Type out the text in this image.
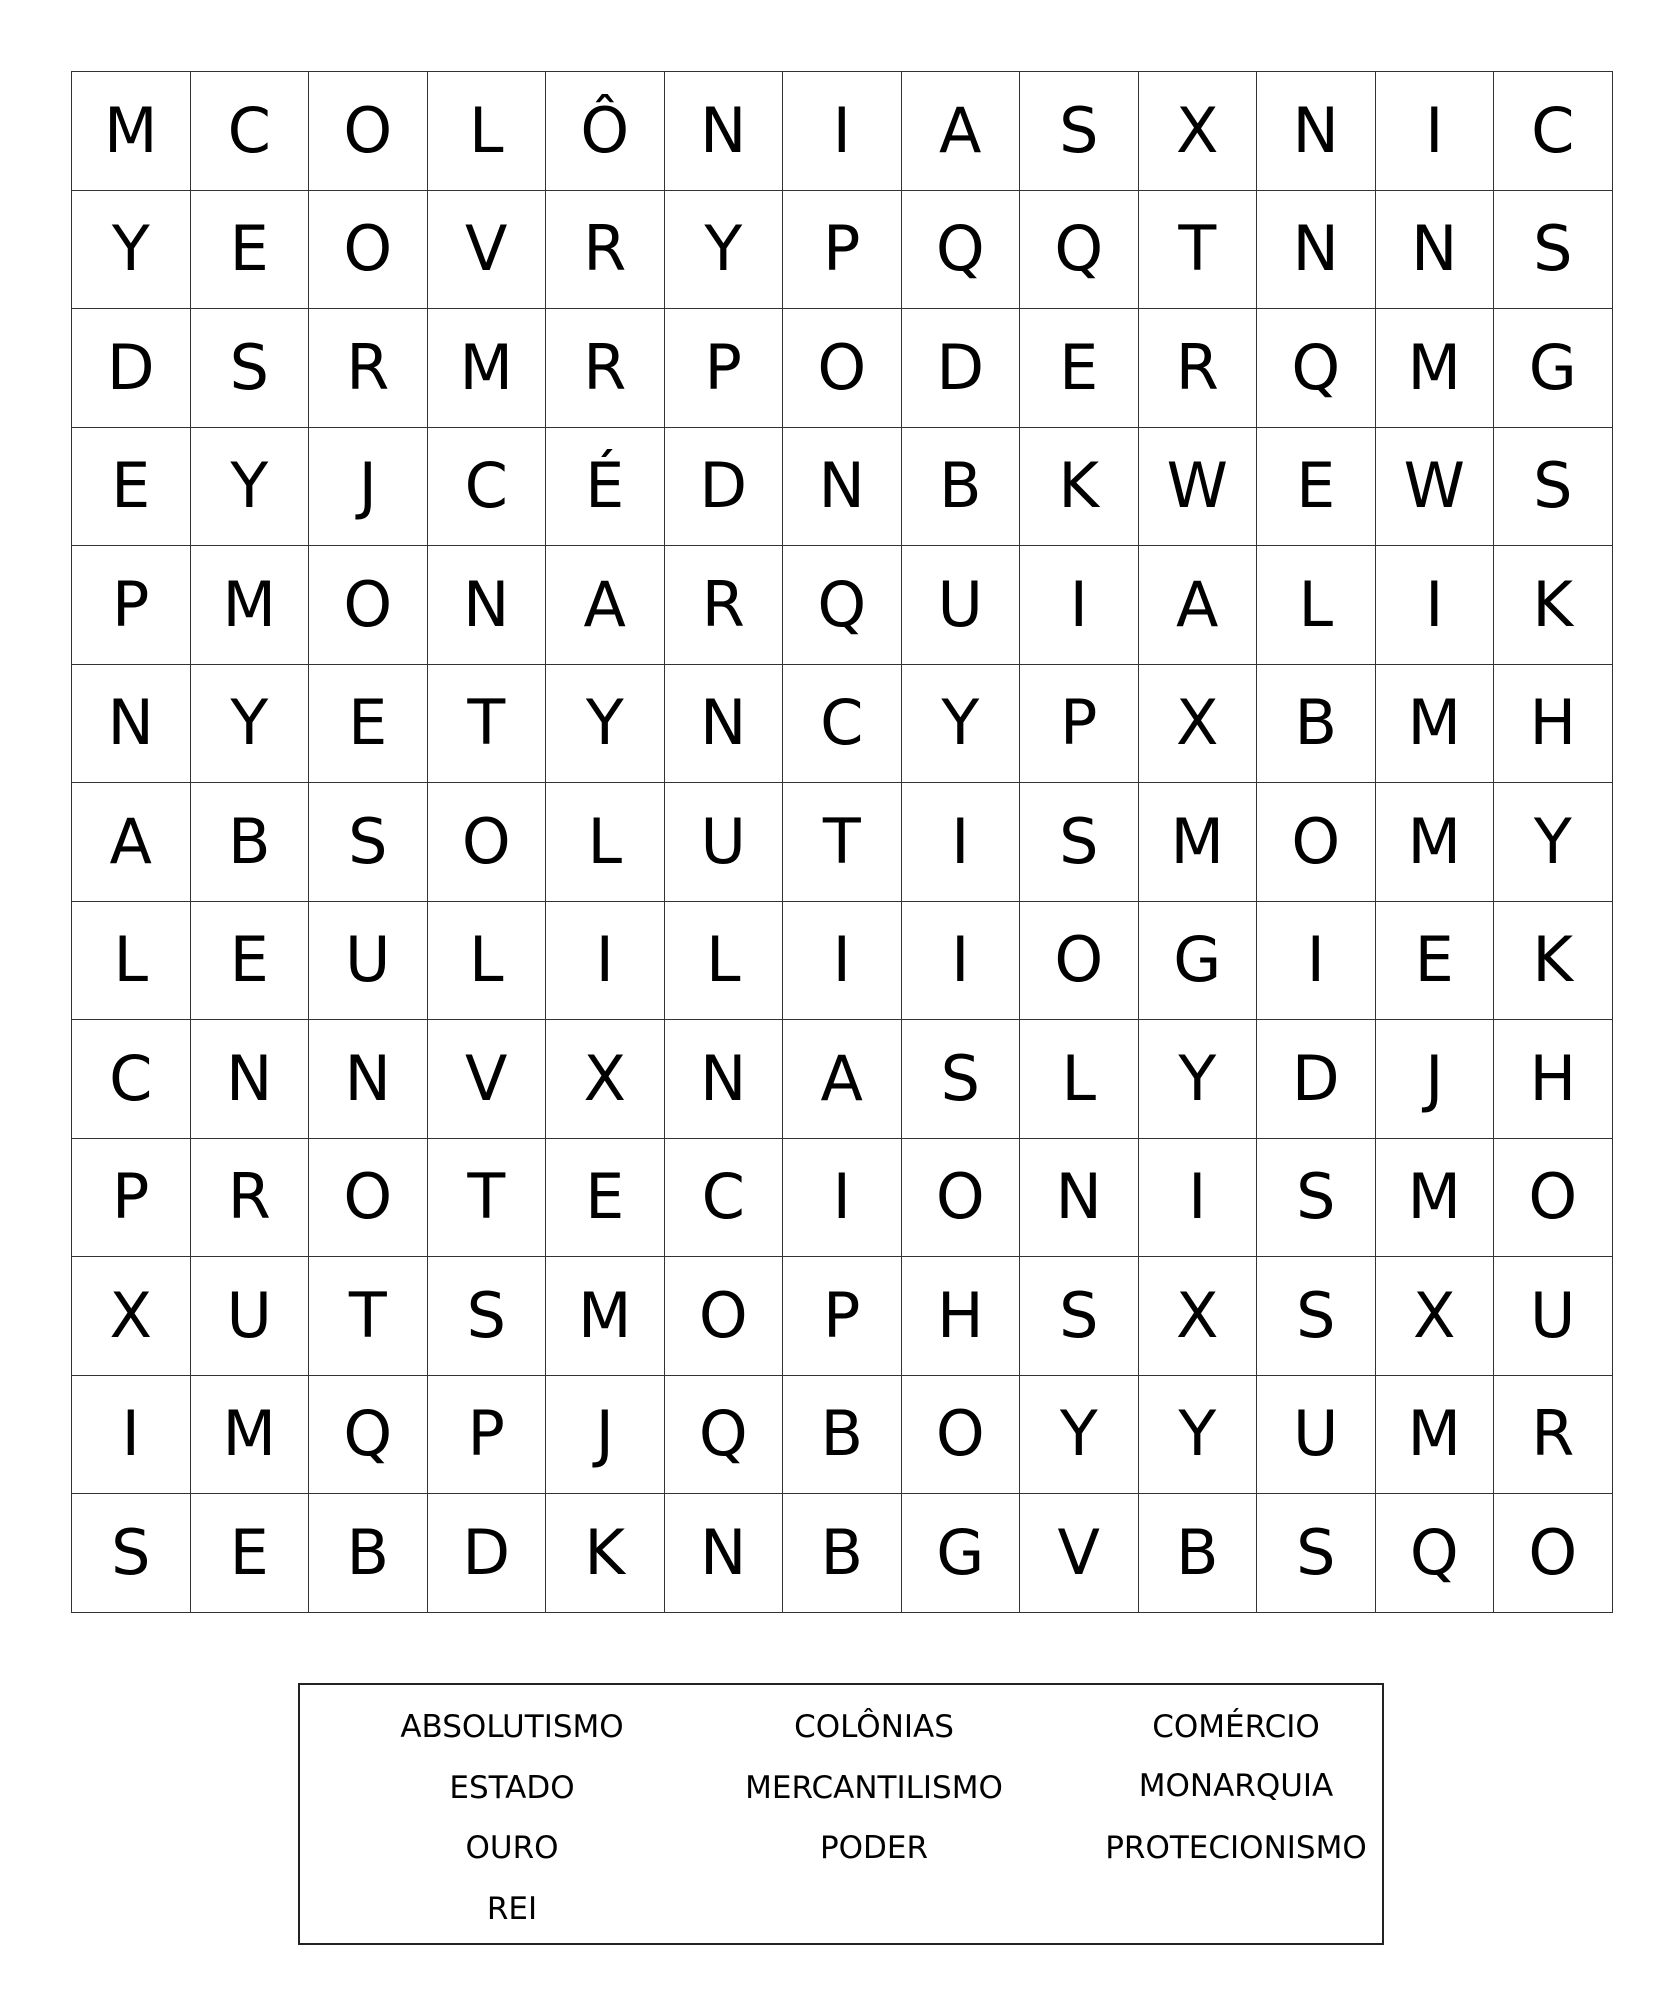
M	C	O	L	Ô	N	I	A	S	X	N	I	C
Y	E	O	V	R	Y	P	Q	Q	T	N	N	S
D	S	R	M	R	P	O	D	E	R	Q	M	G
E	Y	J	C	É	D	N	B	K	W	E	W	S
P	M	O	N	A	R	Q	U	I	A	L	I	K
N	Y	E	T	Y	N	C	Y	P	X	B	M	H
A	B	S	O	L	U	T	I	S	M	O	M	Y
L	E	U	L	I	L	I	I	O	G	I	E	K
C	N	N	V	X	N	A	S	L	Y	D	J	H
P	R	O	T	E	C	I	O	N	I	S	M	O
X	U	T	S	M	O	P	H	S	X	S	X	U
I	M	Q	P	J	Q	B	O	Y	Y	U	M	R
S	E	B	D	K	N	B	G	V	B	S	Q	O
ABSOLUTISMO	COLÔNIAS	COMÉRCIO
ESTADO	MERCANTILISMO	MONARQUIA
OURO	PODER	PROTECIONISMO
REI
